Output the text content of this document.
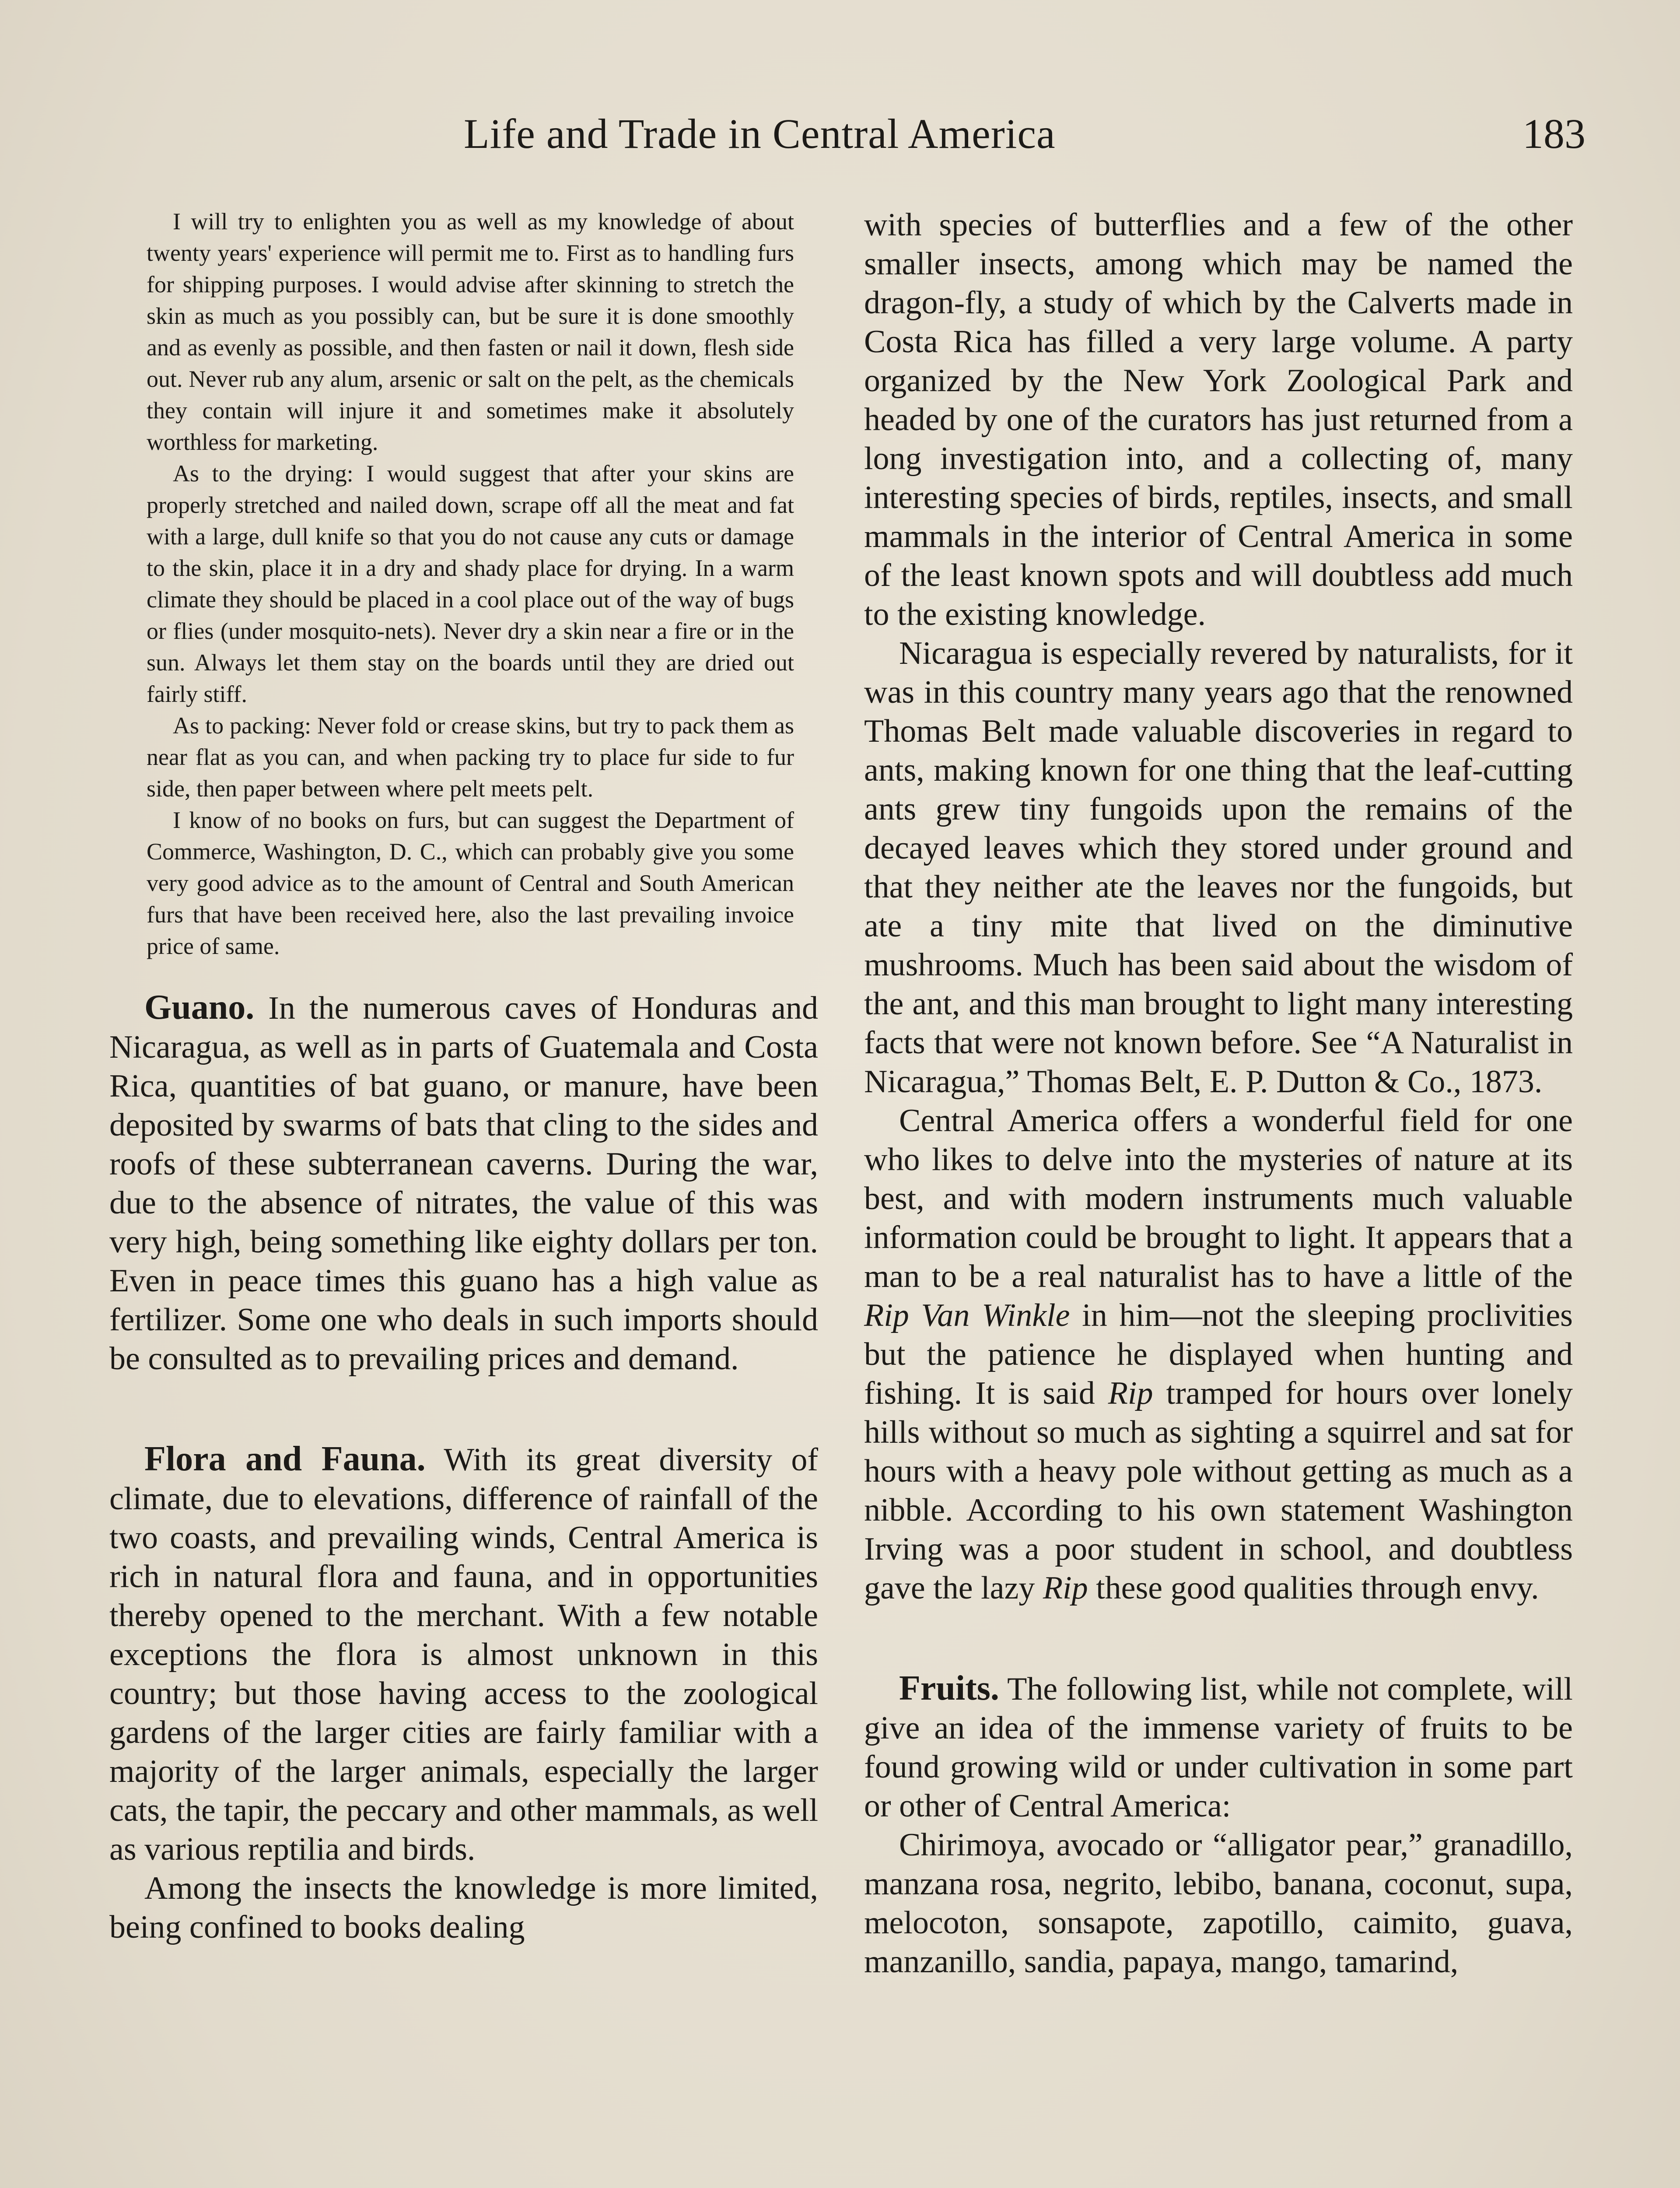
Life and Trade in Central America	183

I will try to enlighten you as well as my knowledge of about twenty years' experience will permit me to. First as to handling furs for shipping purposes. I would advise after skinning to stretch the skin as much as you possibly can, but be sure it is done smoothly and as evenly as possible, and then fasten or nail it down, flesh side out. Never rub any alum, arsenic or salt on the pelt, as the chemicals they contain will injure it and sometimes make it absolutely worthless for marketing.

As to the drying: I would suggest that after your skins are properly stretched and nailed down, scrape off all the meat and fat with a large, dull knife so that you do not cause any cuts or damage to the skin, place it in a dry and shady place for drying. In a warm climate they should be placed in a cool place out of the way of bugs or flies (under mosquito-nets). Never dry a skin near a fire or in the sun. Always let them stay on the boards until they are dried out fairly stiff.

As to packing: Never fold or crease skins, but try to pack them as near flat as you can, and when packing try to place fur side to fur side, then paper between where pelt meets pelt.

I know of no books on furs, but can suggest the Department of Commerce, Washington, D. C., which can probably give you some very good advice as to the amount of Central and South American furs that have been received here, also the last prevailing invoice price of same.

Guano. In the numerous caves of Honduras and Nicaragua, as well as in parts of Guatemala and Costa Rica, quantities of bat guano, or manure, have been deposited by swarms of bats that cling to the sides and roofs of these subterranean caverns. During the war, due to the absence of nitrates, the value of this was very high, being something like eighty dollars per ton. Even in peace times this guano has a high value as fertilizer. Some one who deals in such imports should be consulted as to prevailing prices and demand.

Flora and Fauna. With its great diversity of climate, due to elevations, difference of rainfall of the two coasts, and prevailing winds, Central America is rich in natural flora and fauna, and in opportunities thereby opened to the merchant. With a few notable exceptions the flora is almost unknown in this country; but those having access to the zoological gardens of the larger cities are fairly familiar with a majority of the larger animals, especially the larger cats, the tapir, the peccary and other mammals, as well as various reptilia and birds.

Among the insects the knowledge is more limited, being confined to books dealing

with species of butterflies and a few of the other smaller insects, among which may be named the dragon-fly, a study of which by the Calverts made in Costa Rica has filled a very large volume. A party organized by the New York Zoological Park and headed by one of the curators has just returned from a long investigation into, and a collecting of, many interesting species of birds, reptiles, insects, and small mammals in the interior of Central America in some of the least known spots and will doubtless add much to the existing knowledge.

Nicaragua is especially revered by naturalists, for it was in this country many years ago that the renowned Thomas Belt made valuable discoveries in regard to ants, making known for one thing that the leaf-cutting ants grew tiny fungoids upon the remains of the decayed leaves which they stored under ground and that they neither ate the leaves nor the fungoids, but ate a tiny mite that lived on the diminutive mushrooms. Much has been said about the wisdom of the ant, and this man brought to light many interesting facts that were not known before. See “A Naturalist in Nicaragua,” Thomas Belt, E. P. Dutton & Co., 1873.

Central America offers a wonderful field for one who likes to delve into the mysteries of nature at its best, and with modern instruments much valuable information could be brought to light. It appears that a man to be a real naturalist has to have a little of the Rip Van Winkle in him—not the sleeping proclivities but the patience he displayed when hunting and fishing. It is said Rip tramped for hours over lonely hills without so much as sighting a squirrel and sat for hours with a heavy pole without getting as much as a nibble. According to his own statement Washington Irving was a poor student in school, and doubtless gave the lazy Rip these good qualities through envy.

Fruits. The following list, while not complete, will give an idea of the immense variety of fruits to be found growing wild or under cultivation in some part or other of Central America:

Chirimoya, avocado or “alligator pear,” granadillo, manzana rosa, negrito, lebibo, banana, coconut, supa, melocoton, sonsapote, zapotillo, caimito, guava, manzanillo, sandia, papaya, mango, tamarind,
